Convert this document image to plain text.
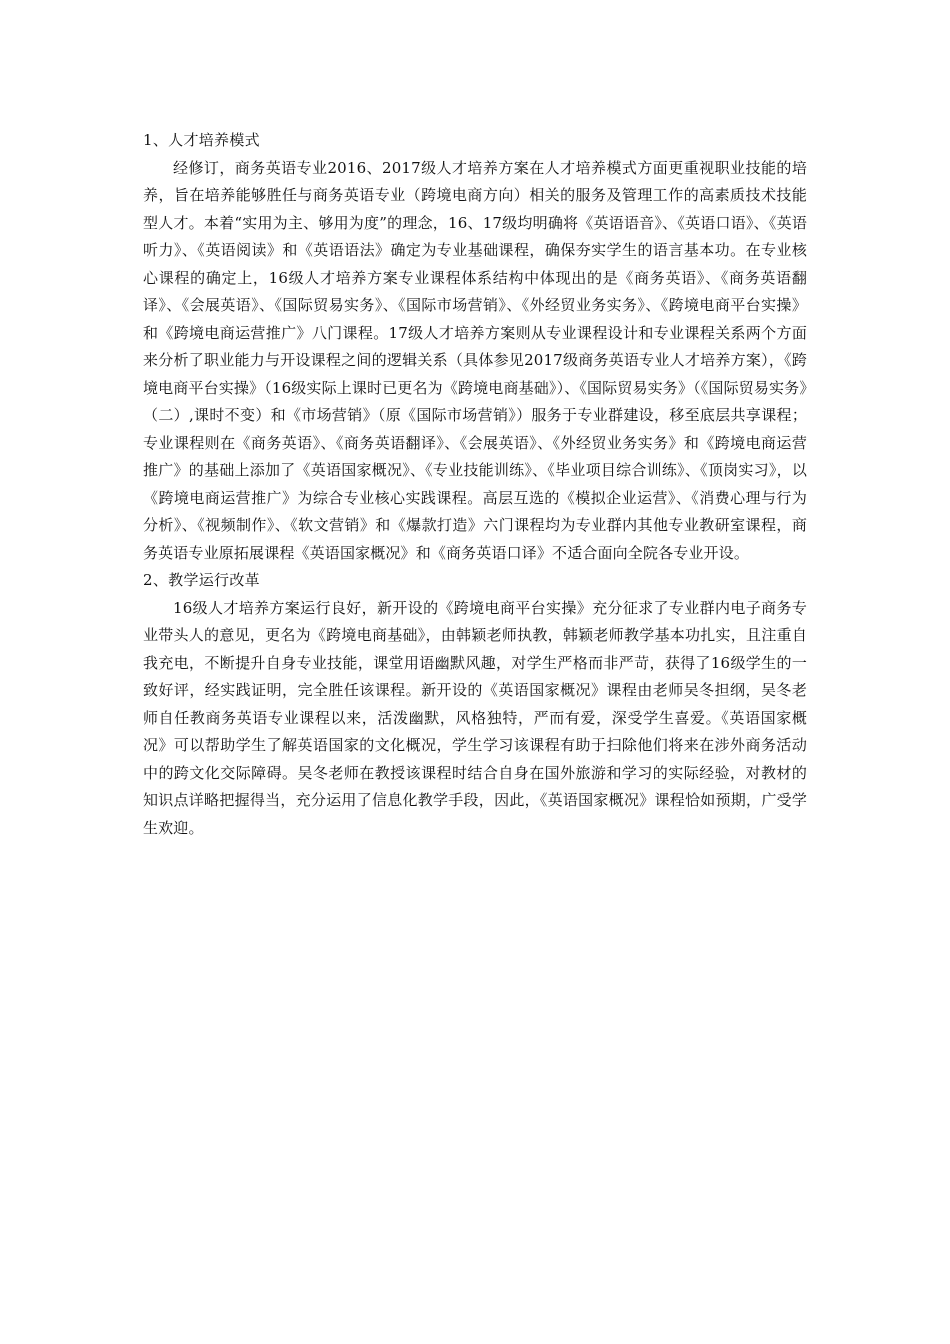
1、人才培养模式

经修订，商务英语专业2016、2017级人才培养方案在人才培养模式方面更重视职业技能的培养，旨在培养能够胜任与商务英语专业（跨境电商方向）相关的服务及管理工作的高素质技术技能型人才。本着“实用为主、够用为度”的理念，16、17级均明确将《英语语音》、《英语口语》、《英语听力》、《英语阅读》和《英语语法》确定为专业基础课程，确保夯实学生的语言基本功。在专业核心课程的确定上，16级人才培养方案专业课程体系结构中体现出的是《商务英语》、《商务英语翻译》、《会展英语》、《国际贸易实务》、《国际市场营销》、《外经贸业务实务》、《跨境电商平台实操》和《跨境电商运营推广》八门课程。17级人才培养方案则从专业课程设计和专业课程关系两个方面来分析了职业能力与开设课程之间的逻辑关系（具体参见2017级商务英语专业人才培养方案），《跨境电商平台实操》（16级实际上课时已更名为《跨境电商基础》）、《国际贸易实务》（《国际贸易实务》（二）,课时不变）和《市场营销》（原《国际市场营销》）服务于专业群建设，移至底层共享课程；专业课程则在《商务英语》、《商务英语翻译》、《会展英语》、《外经贸业务实务》和《跨境电商运营推广》的基础上添加了《英语国家概况》、《专业技能训练》、《毕业项目综合训练》、《顶岗实习》，以《跨境电商运营推广》为综合专业核心实践课程。高层互选的《模拟企业运营》、《消费心理与行为分析》、《视频制作》、《软文营销》和《爆款打造》六门课程均为专业群内其他专业教研室课程，商务英语专业原拓展课程《英语国家概况》和《商务英语口译》不适合面向全院各专业开设。

2、教学运行改革

16级人才培养方案运行良好，新开设的《跨境电商平台实操》充分征求了专业群内电子商务专业带头人的意见，更名为《跨境电商基础》，由韩颖老师执教，韩颖老师教学基本功扎实，且注重自我充电，不断提升自身专业技能，课堂用语幽默风趣，对学生严格而非严苛，获得了16级学生的一致好评，经实践证明，完全胜任该课程。新开设的《英语国家概况》课程由老师吴冬担纲，吴冬老师自任教商务英语专业课程以来，活泼幽默，风格独特，严而有爱，深受学生喜爱。《英语国家概况》可以帮助学生了解英语国家的文化概况，学生学习该课程有助于扫除他们将来在涉外商务活动中的跨文化交际障碍。吴冬老师在教授该课程时结合自身在国外旅游和学习的实际经验，对教材的知识点详略把握得当，充分运用了信息化教学手段，因此，《英语国家概况》课程恰如预期，广受学生欢迎。
